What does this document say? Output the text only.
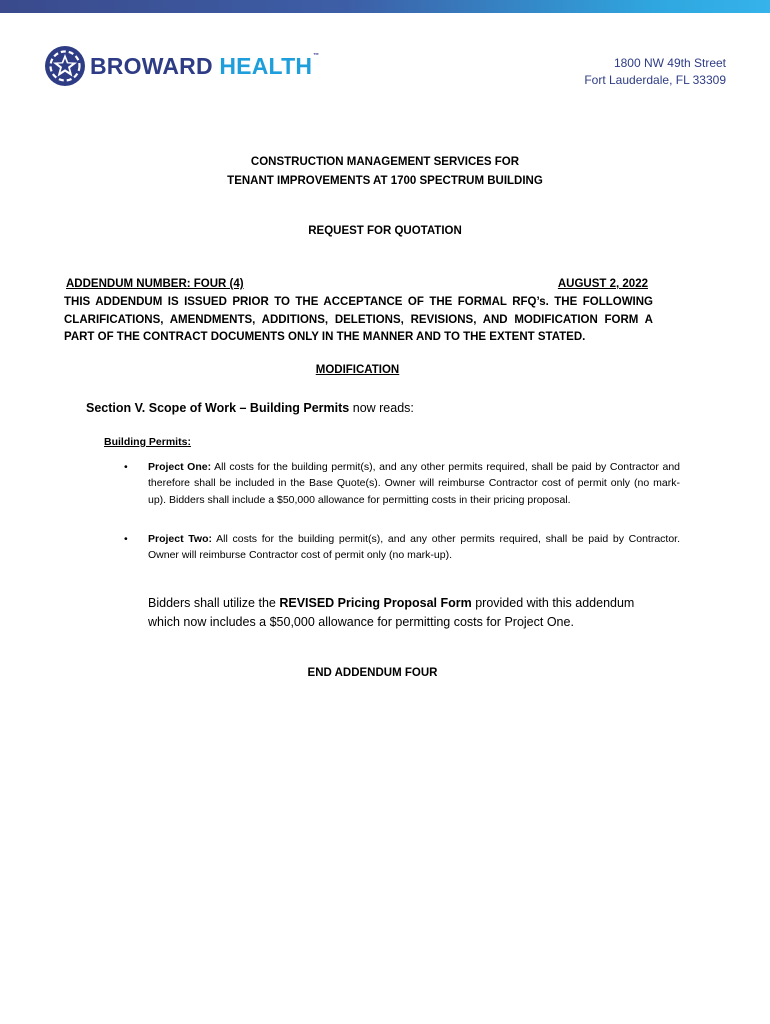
BROWARD HEALTH™
1800 NW 49th Street
Fort Lauderdale, FL 33309
CONSTRUCTION MANAGEMENT SERVICES FOR
TENANT IMPROVEMENTS AT 1700 SPECTRUM BUILDING
REQUEST FOR QUOTATION
ADDENDUM NUMBER: FOUR (4)	AUGUST 2, 2022
THIS ADDENDUM IS ISSUED PRIOR TO THE ACCEPTANCE OF THE FORMAL RFQ’s. THE FOLLOWING CLARIFICATIONS, AMENDMENTS, ADDITIONS, DELETIONS, REVISIONS, AND MODIFICATION FORM A PART OF THE CONTRACT DOCUMENTS ONLY IN THE MANNER AND TO THE EXTENT STATED.
MODIFICATION
Section V. Scope of Work – Building Permits now reads:
Building Permits:
•	Project One: All costs for the building permit(s), and any other permits required, shall be paid by Contractor and therefore shall be included in the Base Quote(s). Owner will reimburse Contractor cost of permit only (no mark-up). Bidders shall include a $50,000 allowance for permitting costs in their pricing proposal.
•	Project Two: All costs for the building permit(s), and any other permits required, shall be paid by Contractor. Owner will reimburse Contractor cost of permit only (no mark-up).
Bidders shall utilize the REVISED Pricing Proposal Form provided with this addendum which now includes a $50,000 allowance for permitting costs for Project One.
END ADDENDUM FOUR
